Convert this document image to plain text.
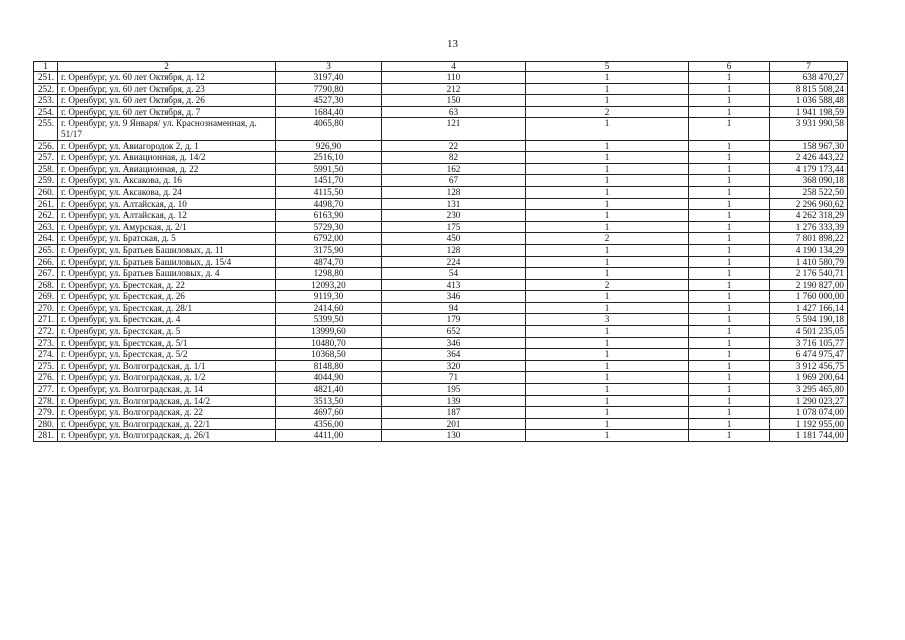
13
1	2	3	4	5	6	7
251.	г. Оренбург, ул. 60 лет Октября, д. 12	3197,40	110	1	1	638 470,27
252.	г. Оренбург, ул. 60 лет Октября, д. 23	7790,80	212	1	1	8 815 508,24
253.	г. Оренбург, ул. 60 лет Октября, д. 26	4527,30	150	1	1	1 036 588,48
254.	г. Оренбург, ул. 60 лет Октября, д. 7	1684,40	63	2	1	1 941 198,59
255.	г. Оренбург, ул. 9 Января/ ул. Краснознаменная, д. 51/17	4065,80	121	1	1	3 931 990,58
256.	г. Оренбург, ул. Авиагородок 2, д. 1	926,90	22	1	1	158 967,30
257.	г. Оренбург, ул. Авиационная, д. 14/2	2516,10	82	1	1	2 426 443,22
258.	г. Оренбург, ул. Авиационная, д. 22	5991,50	162	1	1	4 179 173,44
259.	г. Оренбург, ул. Аксакова, д. 16	1451,70	67	1	1	368 090,18
260.	г. Оренбург, ул. Аксакова, д. 24	4115,50	128	1	1	258 522,50
261.	г. Оренбург, ул. Алтайская, д. 10	4498,70	131	1	1	2 296 960,62
262.	г. Оренбург, ул. Алтайская, д. 12	6163,90	230	1	1	4 262 318,29
263.	г. Оренбург, ул. Амурская, д. 2/1	5729,30	175	1	1	1 276 333,39
264.	г. Оренбург, ул. Братская, д. 5	6792,00	450	2	1	7 801 898,22
265.	г. Оренбург, ул. Братьев Башиловых, д. 11	3175,90	128	1	1	4 190 134,29
266.	г. Оренбург, ул. Братьев Башиловых, д. 15/4	4874,70	224	1	1	1 410 580,79
267.	г. Оренбург, ул. Братьев Башиловых, д. 4	1298,80	54	1	1	2 176 540,71
268.	г. Оренбург, ул. Брестская, д. 22	12093,20	413	2	1	2 190 827,00
269.	г. Оренбург, ул. Брестская, д. 26	9119,30	346	1	1	1 760 000,00
270.	г. Оренбург, ул. Брестская, д. 28/1	2414,60	94	1	1	1 427 166,14
271.	г. Оренбург, ул. Брестская, д. 4	5399,50	179	3	1	5 594 190,18
272.	г. Оренбург, ул. Брестская, д. 5	13999,60	652	1	1	4 501 235,05
273.	г. Оренбург, ул. Брестская, д. 5/1	10480,70	346	1	1	3 716 105,77
274.	г. Оренбург, ул. Брестская, д. 5/2	10368,50	364	1	1	6 474 975,47
275.	г. Оренбург, ул. Волгоградская, д. 1/1	8148,80	320	1	1	3 912 456,75
276.	г. Оренбург, ул. Волгоградская, д. 1/2	4044,90	71	1	1	1 969 200,64
277.	г. Оренбург, ул. Волгоградская, д. 14	4821,40	195	1	1	3 295 465,80
278.	г. Оренбург, ул. Волгоградская, д. 14/2	3513,50	139	1	1	1 290 023,27
279.	г. Оренбург, ул. Волгоградская, д. 22	4697,60	187	1	1	1 078 074,00
280.	г. Оренбург, ул. Волгоградская, д. 22/1	4356,00	201	1	1	1 192 955,00
281.	г. Оренбург, ул. Волгоградская, д. 26/1	4411,00	130	1	1	1 181 744,00
